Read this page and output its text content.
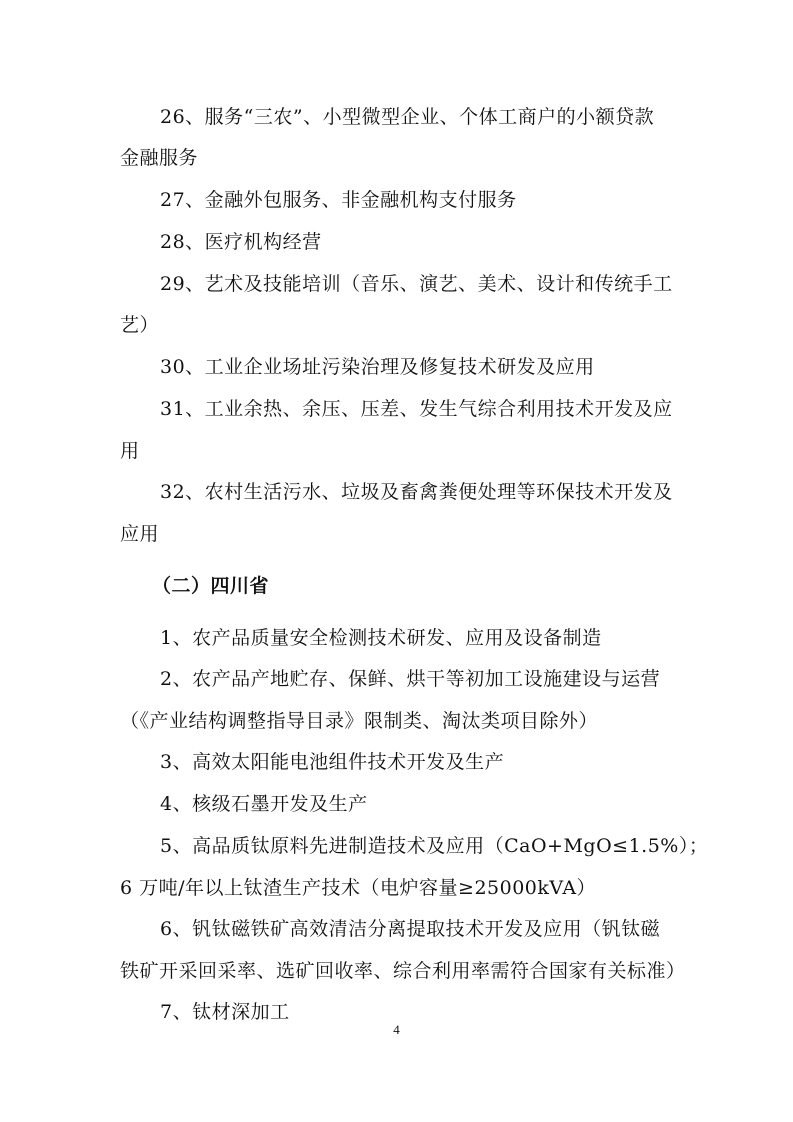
26、服务“三农”、小型微型企业、个体工商户的小额贷款
金融服务
27、金融外包服务、非金融机构支付服务
28、医疗机构经营
29、艺术及技能培训（音乐、演艺、美术、设计和传统手工
艺）
30、工业企业场址污染治理及修复技术研发及应用
31、工业余热、余压、压差、发生气综合利用技术开发及应
用
32、农村生活污水、垃圾及畜禽粪便处理等环保技术开发及
应用
（二）四川省
1、农产品质量安全检测技术研发、应用及设备制造
2、农产品产地贮存、保鲜、烘干等初加工设施建设与运营
（《产业结构调整指导目录》限制类、淘汰类项目除外）
3、高效太阳能电池组件技术开发及生产
4、核级石墨开发及生产
5、高品质钛原料先进制造技术及应用（CaO+MgO≤1.5%）；
6 万吨/年以上钛渣生产技术（电炉容量≥25000kVA）
6、钒钛磁铁矿高效清洁分离提取技术开发及应用（钒钛磁
铁矿开采回采率、选矿回收率、综合利用率需符合国家有关标准）
7、钛材深加工
4
